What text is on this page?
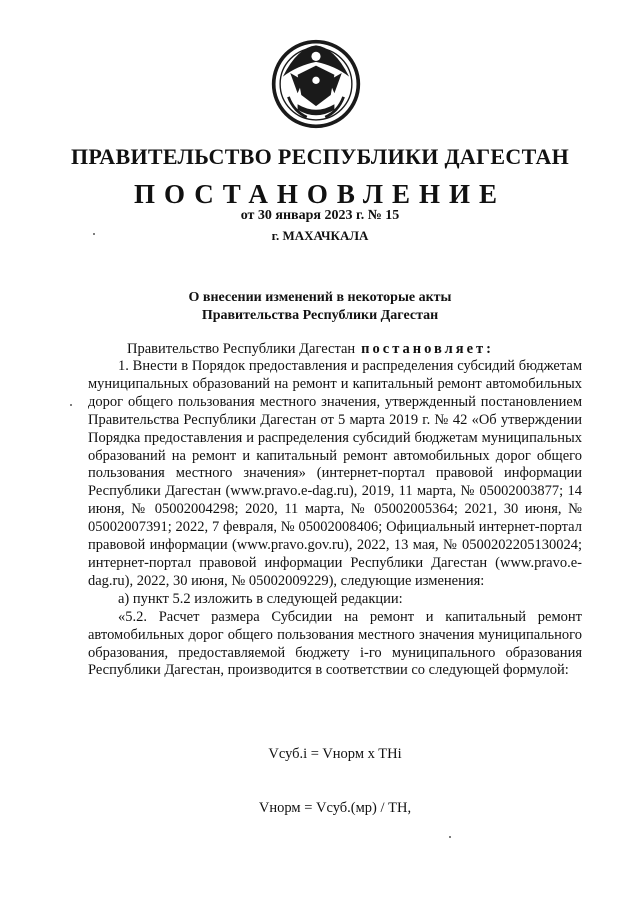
ПРАВИТЕЛЬСТВО РЕСПУБЛИКИ ДАГЕСТАН
ПОСТАНОВЛЕНИЕ
от 30 января 2023 г. № 15
г. МАХАЧКАЛА
О внесении изменений в некоторые акты
Правительства Республики Дагестан
Правительство Республики Дагестан постановляет:

1. Внести в Порядок предоставления и распределения субсидий бюджетам муниципальных образований на ремонт и капитальный ремонт автомобильных дорог общего пользования местного значения, утвержденный постановлением Правительства Республики Дагестан от 5 марта 2019 г. № 42 «Об утверждении Порядка предоставления и распределения субсидий бюджетам муниципальных образований на ремонт и капитальный ремонт автомобильных дорог общего пользования местного значения» (интернет-портал правовой информации Республики Дагестан (www.pravo.e-dag.ru), 2019, 11 марта, № 05002003877; 14 июня, № 05002004298; 2020, 11 марта, № 05002005364; 2021, 30 июня, № 05002007391; 2022, 7 февраля, № 05002008406; Официальный интернет-портал правовой информации (www.pravo.gov.ru), 2022, 13 мая, № 0500202205130024; интернет-портал правовой информации Республики Дагестан (www.pravo.e-dag.ru), 2022, 30 июня, № 05002009229), следующие изменения:

а) пункт 5.2 изложить в следующей редакции:

«5.2. Расчет размера Субсидии на ремонт и капитальный ремонт автомобильных дорог общего пользования местного значения муниципального образования, предоставляемой бюджету i-го муниципального образования Республики Дагестан, производится в соответствии со следующей формулой:

Vсуб.i = Vнорм x THi
Vнорм = Vсуб.(мр) / TH,
